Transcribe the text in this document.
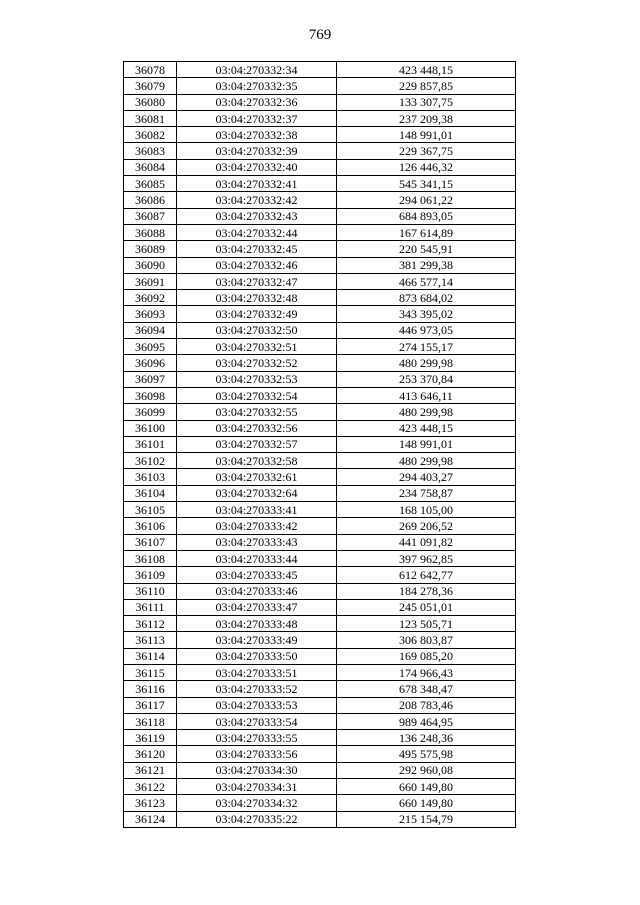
769
36078	03:04:270332:34	423 448,15
36079	03:04:270332:35	229 857,85
36080	03:04:270332:36	133 307,75
36081	03:04:270332:37	237 209,38
36082	03:04:270332:38	148 991,01
36083	03:04:270332:39	229 367,75
36084	03:04:270332:40	126 446,32
36085	03:04:270332:41	545 341,15
36086	03:04:270332:42	294 061,22
36087	03:04:270332:43	684 893,05
36088	03:04:270332:44	167 614,89
36089	03:04:270332:45	220 545,91
36090	03:04:270332:46	381 299,38
36091	03:04:270332:47	466 577,14
36092	03:04:270332:48	873 684,02
36093	03:04:270332:49	343 395,02
36094	03:04:270332:50	446 973,05
36095	03:04:270332:51	274 155,17
36096	03:04:270332:52	480 299,98
36097	03:04:270332:53	253 370,84
36098	03:04:270332:54	413 646,11
36099	03:04:270332:55	480 299,98
36100	03:04:270332:56	423 448,15
36101	03:04:270332:57	148 991,01
36102	03:04:270332:58	480 299,98
36103	03:04:270332:61	294 403,27
36104	03:04:270332:64	234 758,87
36105	03:04:270333:41	168 105,00
36106	03:04:270333:42	269 206,52
36107	03:04:270333:43	441 091,82
36108	03:04:270333:44	397 962,85
36109	03:04:270333:45	612 642,77
36110	03:04:270333:46	184 278,36
36111	03:04:270333:47	245 051,01
36112	03:04:270333:48	123 505,71
36113	03:04:270333:49	306 803,87
36114	03:04:270333:50	169 085,20
36115	03:04:270333:51	174 966,43
36116	03:04:270333:52	678 348,47
36117	03:04:270333:53	208 783,46
36118	03:04:270333:54	989 464,95
36119	03:04:270333:55	136 248,36
36120	03:04:270333:56	495 575,98
36121	03:04:270334:30	292 960,08
36122	03:04:270334:31	660 149,80
36123	03:04:270334:32	660 149,80
36124	03:04:270335:22	215 154,79
